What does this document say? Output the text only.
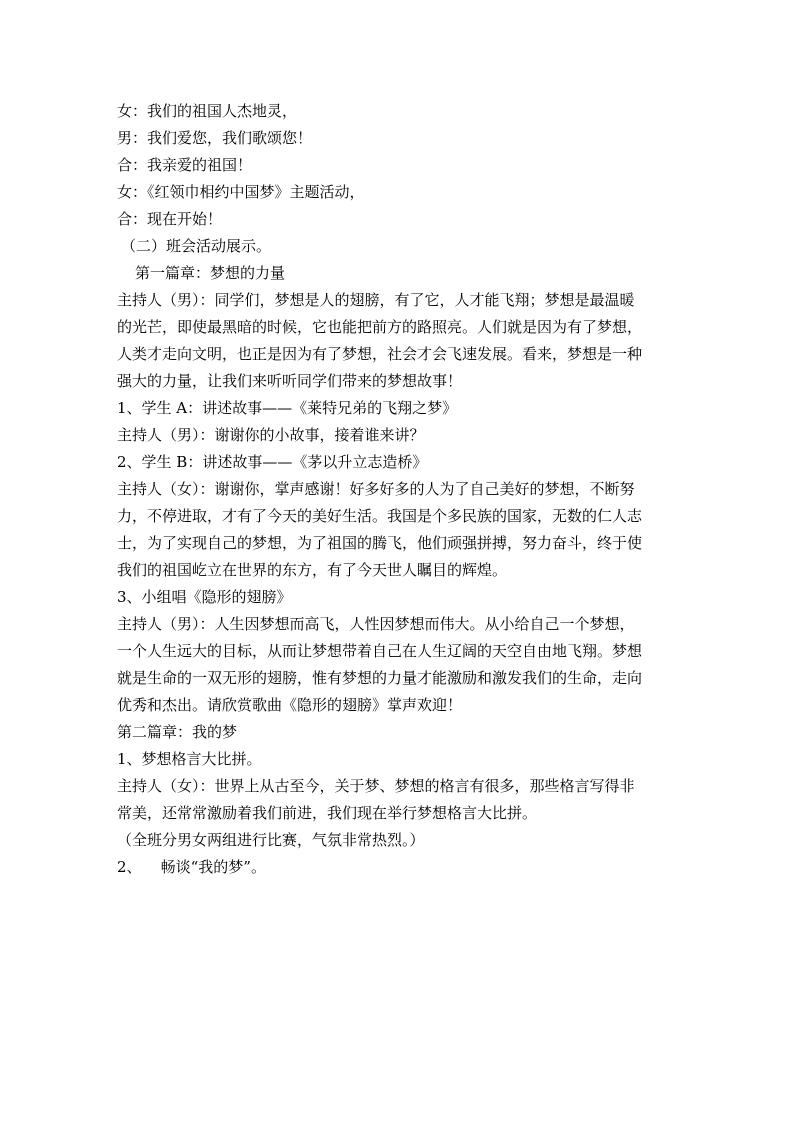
女：我们的祖国人杰地灵，
男：我们爱您，我们歌颂您！
合：我亲爱的祖国！
女：《红领巾相约中国梦》主题活动，
合：现在开始！
（二）班会活动展示。
第一篇章：梦想的力量
主持人（男）：同学们，梦想是人的翅膀，有了它，人才能飞翔；梦想是最温暖
的光芒，即使最黑暗的时候，它也能把前方的路照亮。人们就是因为有了梦想，
人类才走向文明，也正是因为有了梦想，社会才会飞速发展。看来，梦想是一种
强大的力量，让我们来听听同学们带来的梦想故事！
1、学生 A：讲述故事——《莱特兄弟的飞翔之梦》
主持人（男）：谢谢你的小故事，接着谁来讲？
2、学生 B：讲述故事——《茅以升立志造桥》
主持人（女）：谢谢你，掌声感谢！好多好多的人为了自己美好的梦想，不断努
力，不停进取，才有了今天的美好生活。我国是个多民族的国家，无数的仁人志
士，为了实现自己的梦想，为了祖国的腾飞，他们顽强拼搏，努力奋斗，终于使
我们的祖国屹立在世界的东方，有了今天世人瞩目的辉煌。
3、小组唱《隐形的翅膀》
主持人（男）：人生因梦想而高飞，人性因梦想而伟大。从小给自己一个梦想，
一个人生远大的目标，从而让梦想带着自己在人生辽阔的天空自由地飞翔。梦想
就是生命的一双无形的翅膀，惟有梦想的力量才能激励和激发我们的生命，走向
优秀和杰出。请欣赏歌曲《隐形的翅膀》掌声欢迎！
第二篇章：我的梦
1、梦想格言大比拼。
主持人（女）：世界上从古至今，关于梦、梦想的格言有很多，那些格言写得非
常美，还常常激励着我们前进，我们现在举行梦想格言大比拼。
（全班分男女两组进行比赛，气氛非常热烈。）
2、    畅谈“我的梦”。
